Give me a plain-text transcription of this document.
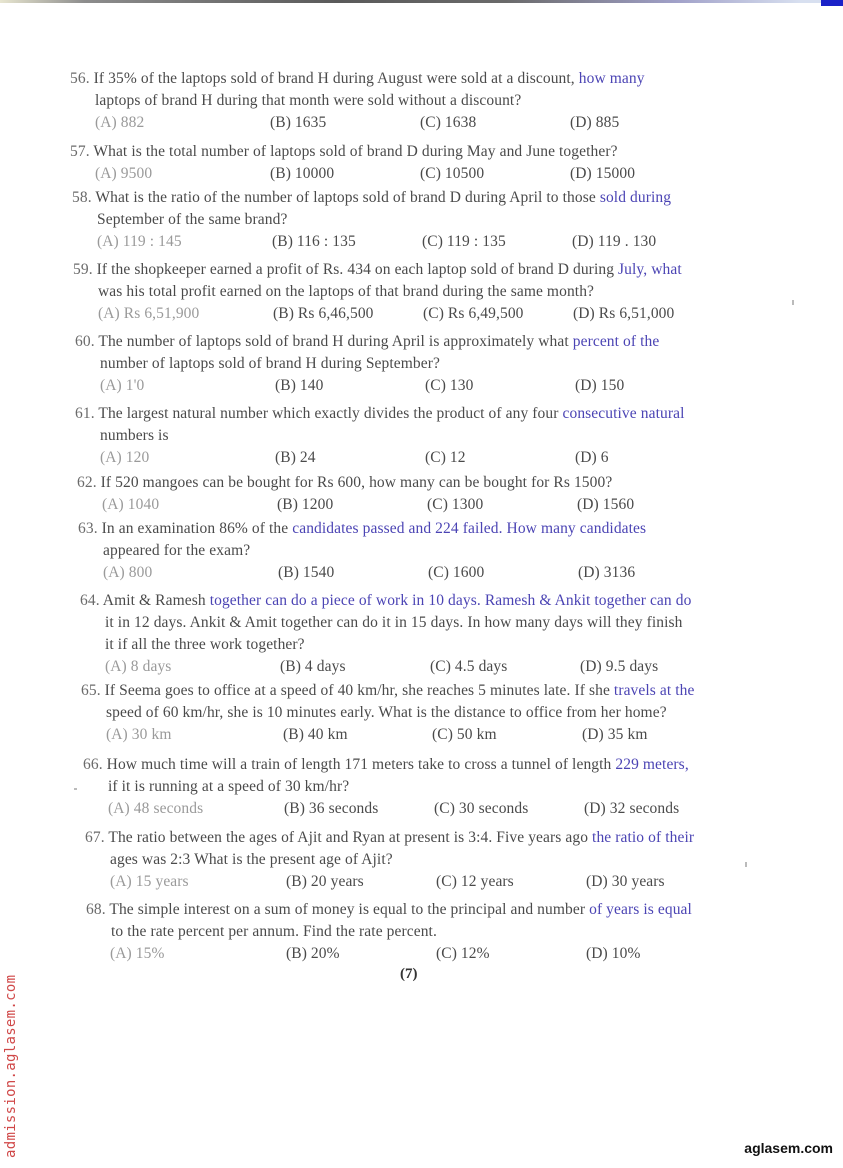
56. If 35% of the laptops sold of brand H during August were sold at a discount, how many
laptops of brand H during that month were sold without a discount?
(A) 882	(B) 1635	(C) 1638	(D) 885
57. What is the total number of laptops sold of brand D during May and June together?
(A) 9500	(B) 10000	(C) 10500	(D) 15000
58. What is the ratio of the number of laptops sold of brand D during April to those sold during
September of the same brand?
(A) 119 : 145	(B) 116 : 135	(C) 119 : 135	(D) 119 . 130
59. If the shopkeeper earned a profit of Rs. 434 on each laptop sold of brand D during July, what
was his total profit earned on the laptops of that brand during the same month?
(A) Rs 6,51,900	(B) Rs 6,46,500	(C) Rs 6,49,500	(D) Rs 6,51,000
60. The number of laptops sold of brand H during April is approximately what percent of the
number of laptops sold of brand H during September?
(A) 1'0	(B) 140	(C) 130	(D) 150
61. The largest natural number which exactly divides the product of any four consecutive natural
numbers is
(A) 120	(B) 24	(C) 12	(D) 6
62. If 520 mangoes can be bought for Rs 600, how many can be bought for Rs 1500?
(A) 1040	(B) 1200	(C) 1300	(D) 1560
63. In an examination 86% of the candidates passed and 224 failed. How many candidates
appeared for the exam?
(A) 800	(B) 1540	(C) 1600	(D) 3136
64. Amit & Ramesh together can do a piece of work in 10 days. Ramesh & Ankit together can do
it in 12 days. Ankit & Amit together can do it in 15 days. In how many days will they finish
it if all the three work together?
(A) 8 days	(B) 4 days	(C) 4.5 days	(D) 9.5 days
65. If Seema goes to office at a speed of 40 km/hr, she reaches 5 minutes late. If she travels at the
speed of 60 km/hr, she is 10 minutes early. What is the distance to office from her home?
(A) 30 km	(B) 40 km	(C) 50 km	(D) 35 km
66. How much time will a train of length 171 meters take to cross a tunnel of length 229 meters,
if it is running at a speed of 30 km/hr?
(A) 48 seconds	(B) 36 seconds	(C) 30 seconds	(D) 32 seconds
67. The ratio between the ages of Ajit and Ryan at present is 3:4. Five years ago the ratio of their
ages was 2:3 What is the present age of Ajit?
(A) 15 years	(B) 20 years	(C) 12 years	(D) 30 years
68. The simple interest on a sum of money is equal to the principal and number of years is equal
to the rate percent per annum. Find the rate percent.
(A) 15%	(B) 20%	(C) 12%	(D) 10%
(7)
admission.aglasem.com	aglasem.com
